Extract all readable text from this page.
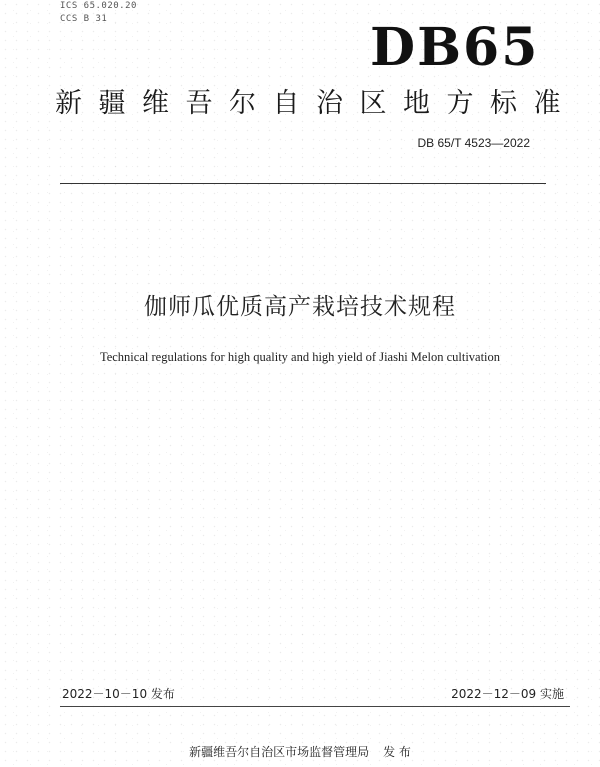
ICS 65.020.20
CCS B 31	DB65
新疆维吾尔自治区地方标准
DB 65/T 4523—2022
伽师瓜优质高产栽培技术规程
Technical regulations for high quality and high yield of Jiashi Melon cultivation
2022－10－10 发布	2022－12－09 实施
新疆维吾尔自治区市场监督管理局 发 布
